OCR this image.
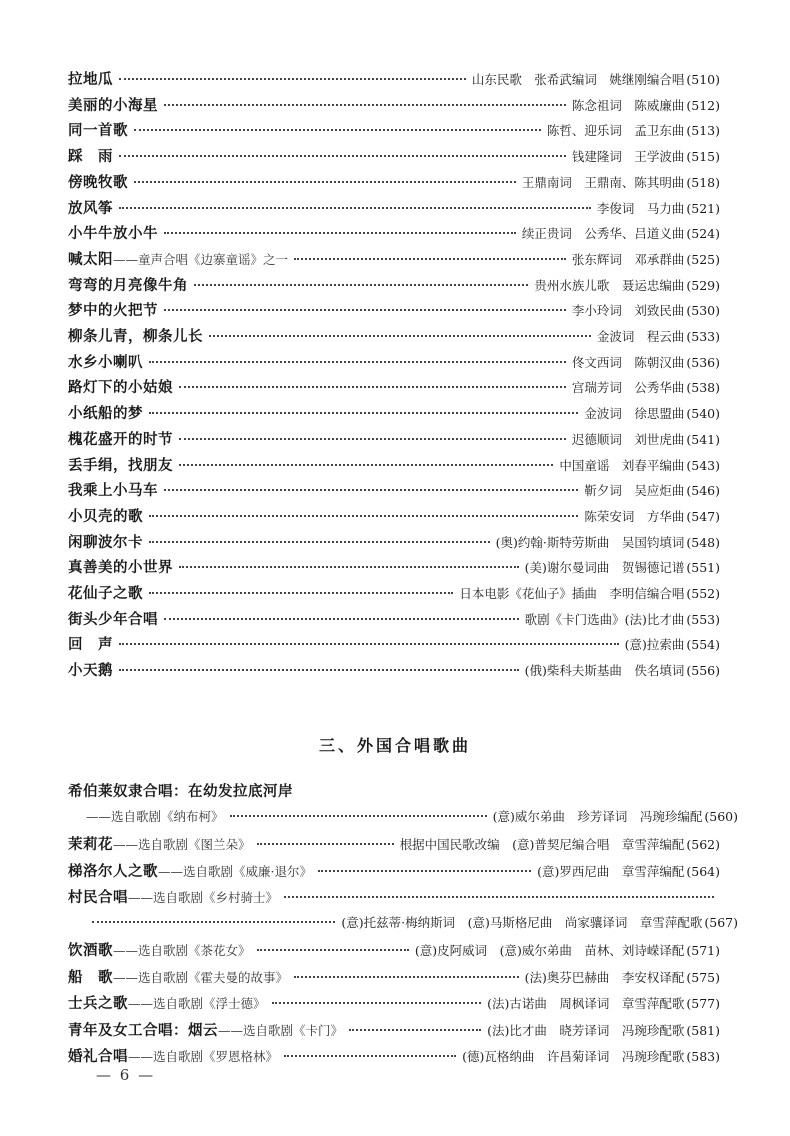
拉地瓜	山东民歌　张希武编词　姚继刚编合唱 (510)
美丽的小海星	陈念祖词　陈威廉曲 (512)
同一首歌	陈哲、迎乐词　孟卫东曲 (513)
踩　雨	钱建隆词　王学波曲 (515)
傍晚牧歌	王鼎南词　王鼎南、陈其明曲 (518)
放风筝	李俊词　马力曲 (521)
小牛牛放小牛	续正贵词　公秀华、吕道义曲 (524)
喊太阳 ——童声合唱《边寨童谣》之一	张东辉词　邓承群曲 (525)
弯弯的月亮像牛角	贵州水族儿歌　聂运忠编曲 (529)
梦中的火把节	李小玲词　刘致民曲 (530)
柳条儿青，柳条儿长	金波词　程云曲 (533)
水乡小喇叭	佟文西词　陈朝汉曲 (536)
路灯下的小姑娘	宫瑞芳词　公秀华曲 (538)
小纸船的梦	金波词　徐思盟曲 (540)
槐花盛开的时节	迟德顺词　刘世虎曲 (541)
丢手绢，找朋友	中国童谣　刘春平编曲 (543)
我乘上小马车	靳夕词　吴应炬曲 (546)
小贝壳的歌	陈荣安词　方华曲 (547)
闲聊波尔卡	(奥)约翰·斯特劳斯曲　吴国钧填词 (548)
真善美的小世界	(美)谢尔曼词曲　贺锡德记谱 (551)
花仙子之歌	日本电影《花仙子》插曲　李明信编合唱 (552)
街头少年合唱	歌剧《卡门选曲》(法)比才曲 (553)
回　声	(意)拉索曲 (554)
小天鹅	(俄)柴科夫斯基曲　佚名填词 (556)
希伯莱奴隶合唱：在幼发拉底河岸
——选自歌剧《纳布柯》	(意)威尔弟曲　珍芳译词　冯琬珍编配 (560)
茉莉花 ——选自歌剧《图兰朵》	根据中国民歌改编　(意)普契尼编合唱　章雪萍编配 (562)
梯洛尔人之歌 ——选自歌剧《威廉·退尔》	(意)罗西尼曲　章雪萍编配 (564)
村民合唱 ——选自歌剧《乡村骑士》
(意)托兹蒂·梅纳斯词　(意)马斯格尼曲　尚家骧译词　章雪萍配歌 (567)
饮酒歌 ——选自歌剧《茶花女》	(意)皮阿威词　(意)威尔弟曲　苗林、刘诗嵘译配 (571)
船　歌 ——选自歌剧《霍夫曼的故事》	(法)奥芬巴赫曲　李安权译配 (575)
士兵之歌 ——选自歌剧《浮士德》	(法)古诺曲　周枫译词　章雪萍配歌 (577)
青年及女工合唱：烟云 ——选自歌剧《卡门》	(法)比才曲　晓芳译词　冯琬珍配歌 (581)
婚礼合唱 ——选自歌剧《罗恩格林》	(德)瓦格纳曲　许昌菊译词　冯琬珍配歌 (583)
三、外国合唱歌曲
— 6 —
